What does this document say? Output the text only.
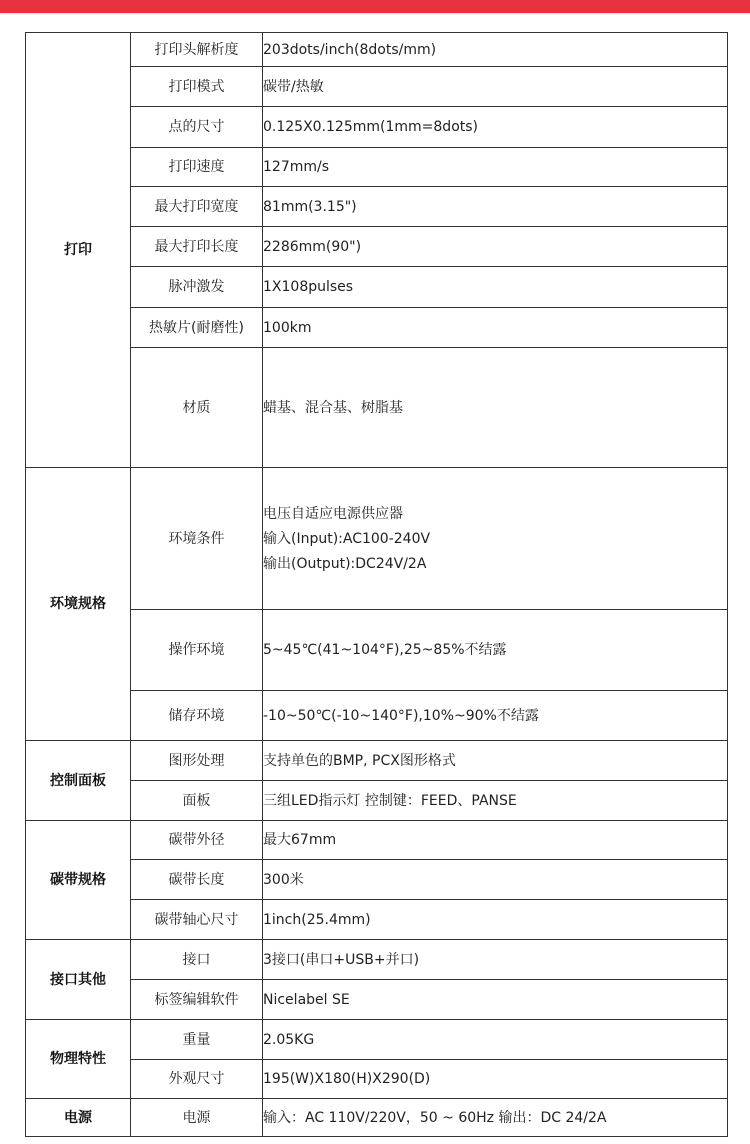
打印	打印头解析度	203dots/inch(8dots/mm)
	打印模式	碳带/热敏
	点的尺寸	0.125X0.125mm(1mm=8dots)
	打印速度	127mm/s
	最大打印宽度	81mm(3.15")
	最大打印长度	2286mm(90")
	脉冲激发	1X108pulses
	热敏片(耐磨性)	100km
	材质	蜡基、混合基、树脂基
环境规格	环境条件	电压自适应电源供应器
输入(Input):AC100-240V
输出(Output):DC24V/2A

	操作环境	5~45℃(41~104°F),25~85%不结露
	储存环境	-10~50℃(-10~140°F),10%~90%不结露
控制面板	图形处理	支持单色的BMP, PCX图形格式
	面板	三组LED指示灯 控制键：FEED、PANSE
碳带规格	碳带外径	最大67mm
	碳带长度	300米
	碳带轴心尺寸	1inch(25.4mm)
接口其他	接口	3接口(串口+USB+并口)
	标签编辑软件	Nicelabel SE
物理特性	重量	2.05KG
	外观尺寸	195(W)X180(H)X290(D)
电源	电源	输入：AC 110V/220V，50 ~ 60Hz 输出：DC 24/2A
